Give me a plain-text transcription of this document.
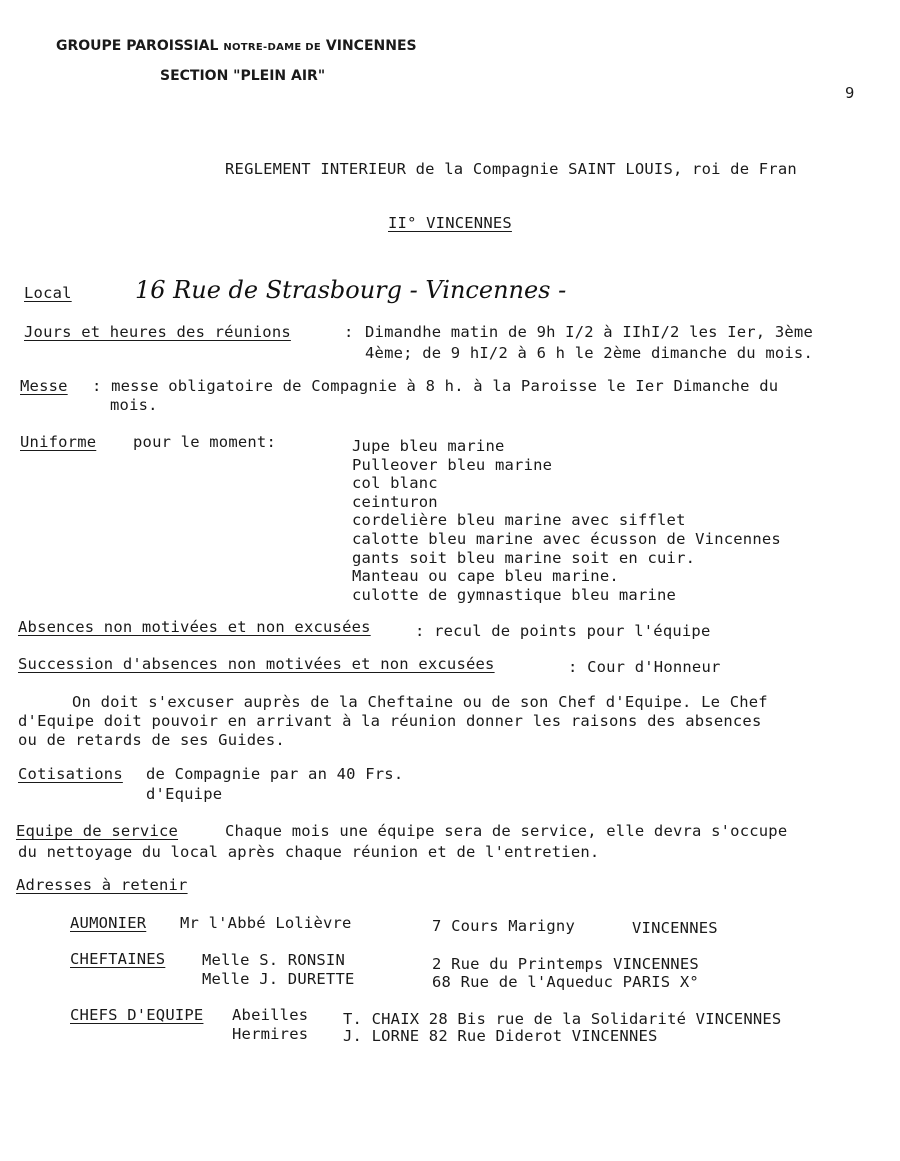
GROUPE PAROISSIAL NOTRE-DAME DE VINCENNES
SECTION "PLEIN AIR"
9
REGLEMENT INTERIEUR de la Compagnie SAINT LOUIS, roi de Fran
II° VINCENNES
Local	16 Rue de Strasbourg - Vincennes -
Jours et heures des réunions	: Dimandhe matin de 9h I/2 à IIhI/2 les Ier, 3ème
4ème; de 9 hI/2 à 6 h le 2ème dimanche du mois.
Messe : messe obligatoire de Compagnie à 8 h. à la Paroisse le Ier Dimanche du
mois.
Uniforme pour le moment:	Jupe bleu marine
Pulleover bleu marine
col blanc
ceinturon
cordelière bleu marine avec sifflet
calotte bleu marine avec écusson de Vincennes
gants soit bleu marine soit en cuir.
Manteau ou cape bleu marine.
culotte de gymnastique bleu marine
Absences non motivées et non excusées	: recul de points pour l'équipe
Succession d'absences non motivées et non excusées	: Cour d'Honneur
On doit s'excuser auprès de la Cheftaine ou de son Chef d'Equipe. Le Chef
d'Equipe doit pouvoir en arrivant à la réunion donner les raisons des absences
ou de retards de ses Guides.
Cotisations de Compagnie par an 40 Frs.
d'Equipe
Equipe de service	Chaque mois une équipe sera de service, elle devra s'occupe
du nettoyage du local après chaque réunion et de l'entretien.
Adresses à retenir
AUMONIER Mr l'Abbé Lolièvre	7 Cours Marigny	VINCENNES
CHEFTAINES Melle S. RONSIN	2 Rue du Printemps VINCENNES
Melle J. DURETTE	68 Rue de l'Aqueduc PARIS X°
CHEFS D'EQUIPE Abeilles T. CHAIX 28 Bis rue de la Solidarité VINCENNES
Hermires J. LORNE 82 Rue Diderot VINCENNES
